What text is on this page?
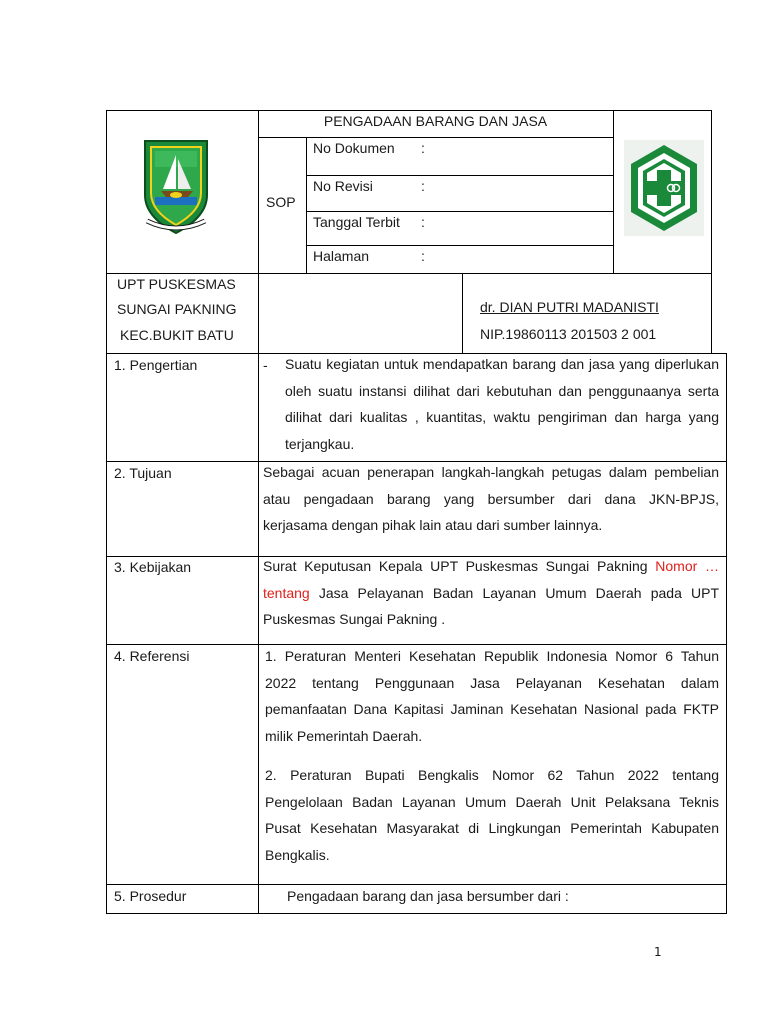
PENGADAAN BARANG DAN JASA
SOP
No Dokumen :
No Revisi	:
Tanggal Terbit :
Halaman	:
UPT PUSKESMAS
SUNGAI PAKNING
KEC.BUKIT BATU
dr. DIAN PUTRI MADANISTI
NIP.19860113 201503 2 001
1. Pengertian	- Suatu kegiatan untuk mendapatkan barang dan jasa yang diperlukan oleh suatu instansi dilihat dari kebutuhan dan penggunaanya serta dilihat dari kualitas , kuantitas, waktu pengiriman dan harga yang terjangkau.
2. Tujuan	Sebagai acuan penerapan langkah-langkah petugas dalam pembelian atau pengadaan barang yang bersumber dari dana JKN-BPJS, kerjasama dengan pihak lain atau dari sumber lainnya.
3. Kebijakan	Surat Keputusan Kepala UPT Puskesmas Sungai Pakning Nomor …tentang Jasa Pelayanan Badan Layanan Umum Daerah pada UPT Puskesmas Sungai Pakning .
4. Referensi	1. Peraturan Menteri Kesehatan Republik Indonesia Nomor 6 Tahun 2022 tentang Penggunaan Jasa Pelayanan Kesehatan dalam pemanfaatan Dana Kapitasi Jaminan Kesehatan Nasional pada FKTP milik Pemerintah Daerah.
2. Peraturan Bupati Bengkalis Nomor 62 Tahun 2022 tentang Pengelolaan Badan Layanan Umum Daerah Unit Pelaksana Teknis Pusat Kesehatan Masyarakat di Lingkungan Pemerintah Kabupaten Bengkalis.
5. Prosedur	Pengadaan barang dan jasa bersumber dari :
1
